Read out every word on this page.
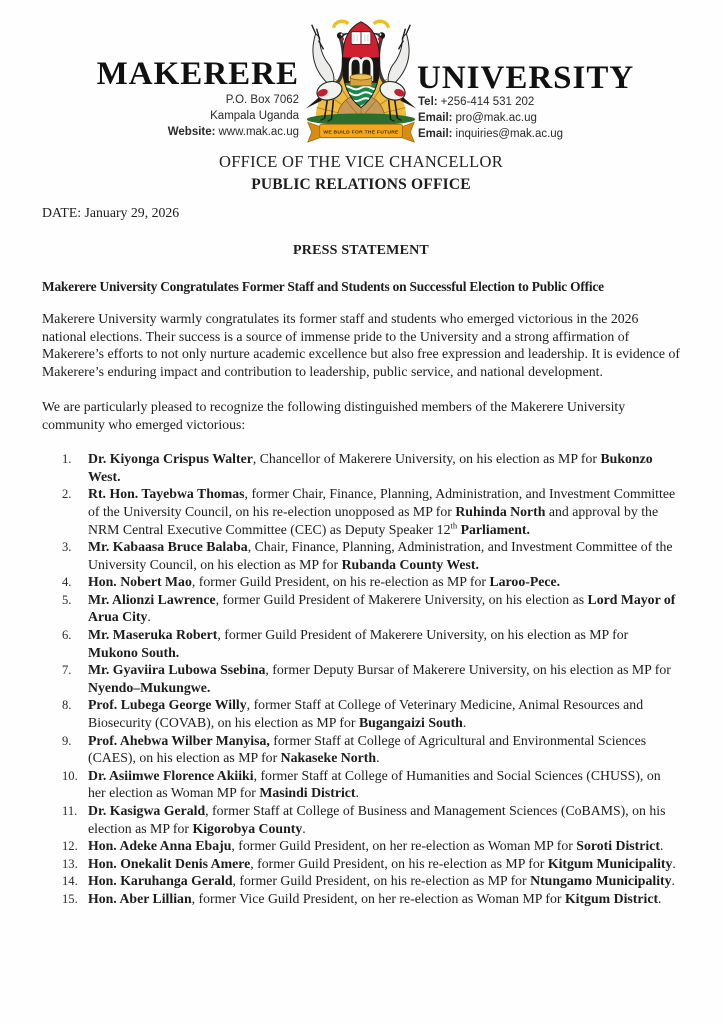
MAKERERE	UNIVERSITY
P.O. Box 7062
Kampala Uganda
Website: www.mak.ac.ug
Tel: +256-414 531 202
Email: pro@mak.ac.ug
Email: inquiries@mak.ac.ug
WE BUILD FOR THE FUTURE
OFFICE OF THE VICE CHANCELLOR
PUBLIC RELATIONS OFFICE
DATE: January 29, 2026
PRESS STATEMENT
Makerere University Congratulates Former Staff and Students on Successful Election to Public Office

Makerere University warmly congratulates its former staff and students who emerged victorious in the 2026 national elections. Their success is a source of immense pride to the University and a strong affirmation of Makerere’s efforts to not only nurture academic excellence but also free expression and leadership. It is evidence of Makerere’s enduring impact and contribution to leadership, public service, and national development.

We are particularly pleased to recognize the following distinguished members of the Makerere University community who emerged victorious:

Dr. Kiyonga Crispus Walter, Chancellor of Makerere University, on his election as MP for Bukonzo West.
Rt. Hon. Tayebwa Thomas, former Chair, Finance, Planning, Administration, and Investment Committee of the University Council, on his re-election unopposed as MP for Ruhinda North and approval by the NRM Central Executive Committee (CEC) as Deputy Speaker 12th Parliament.
Mr. Kabaasa Bruce Balaba, Chair, Finance, Planning, Administration, and Investment Committee of the University Council, on his election as MP for Rubanda County West.
Hon. Nobert Mao, former Guild President, on his re-election as MP for Laroo-Pece.
Mr. Alionzi Lawrence, former Guild President of Makerere University, on his election as Lord Mayor of Arua City.
Mr. Maseruka Robert, former Guild President of Makerere University, on his election as MP for Mukono South.
Mr. Gyaviira Lubowa Ssebina, former Deputy Bursar of Makerere University, on his election as MP for Nyendo–Mukungwe.
Prof. Lubega George Willy, former Staff at College of Veterinary Medicine, Animal Resources and Biosecurity (COVAB), on his election as MP for Bugangaizi South.
Prof. Ahebwa Wilber Manyisa, former Staff at College of Agricultural and Environmental Sciences (CAES), on his election as MP for Nakaseke North.
Dr. Asiimwe Florence Akiiki, former Staff at College of Humanities and Social Sciences (CHUSS), on her election as Woman MP for Masindi District.
Dr. Kasigwa Gerald, former Staff at College of Business and Management Sciences (CoBAMS), on his election as MP for Kigorobya County.
Hon. Adeke Anna Ebaju, former Guild President, on her re-election as Woman MP for Soroti District.
Hon. Onekalit Denis Amere, former Guild President, on his re-election as MP for Kitgum Municipality.
Hon. Karuhanga Gerald, former Guild President, on his re-election as MP for Ntungamo Municipality.
Hon. Aber Lillian, former Vice Guild President, on her re-election as Woman MP for Kitgum District.
